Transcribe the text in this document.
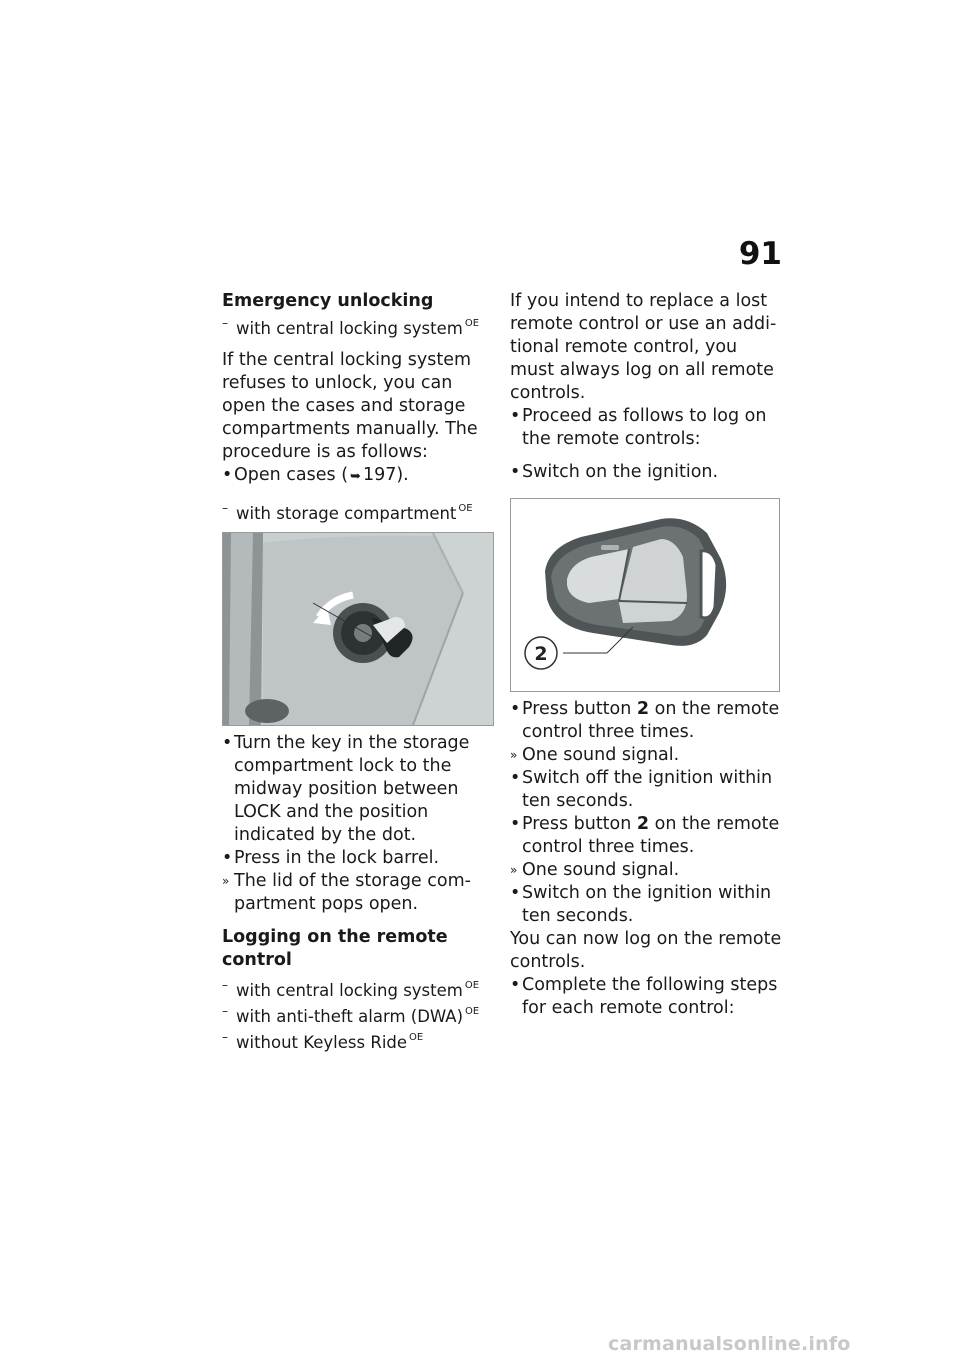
91

Emergency unlocking

– with central locking system $^{OE}$

If the central locking system refuses to unlock, you can open the cases and storage compartments manually. The procedure is as follows:

• Open cases ( ➥ 197).

– with storage compartment $^{OE}$

• Turn the key in the storage compartment lock to the midway position between LOCK and the position indicated by the dot.

• Press in the lock barrel.

» The lid of the storage compartment pops open.

Logging on the remote control

– with central locking system $^{OE}$

– with anti-theft alarm (DWA) $^{OE}$

– without Keyless Ride $^{OE}$

If you intend to replace a lost remote control or use an additional remote control, you must always log on all remote controls.

• Proceed as follows to log on the remote controls:

• Switch on the ignition.

2

• Press button 2 on the remote control three times.

» One sound signal.

• Switch off the ignition within ten seconds.

• Press button 2 on the remote control three times.

» One sound signal.

• Switch on the ignition within ten seconds.

You can now log on the remote controls.

• Complete the following steps for each remote control:

carmanualsonline.info
